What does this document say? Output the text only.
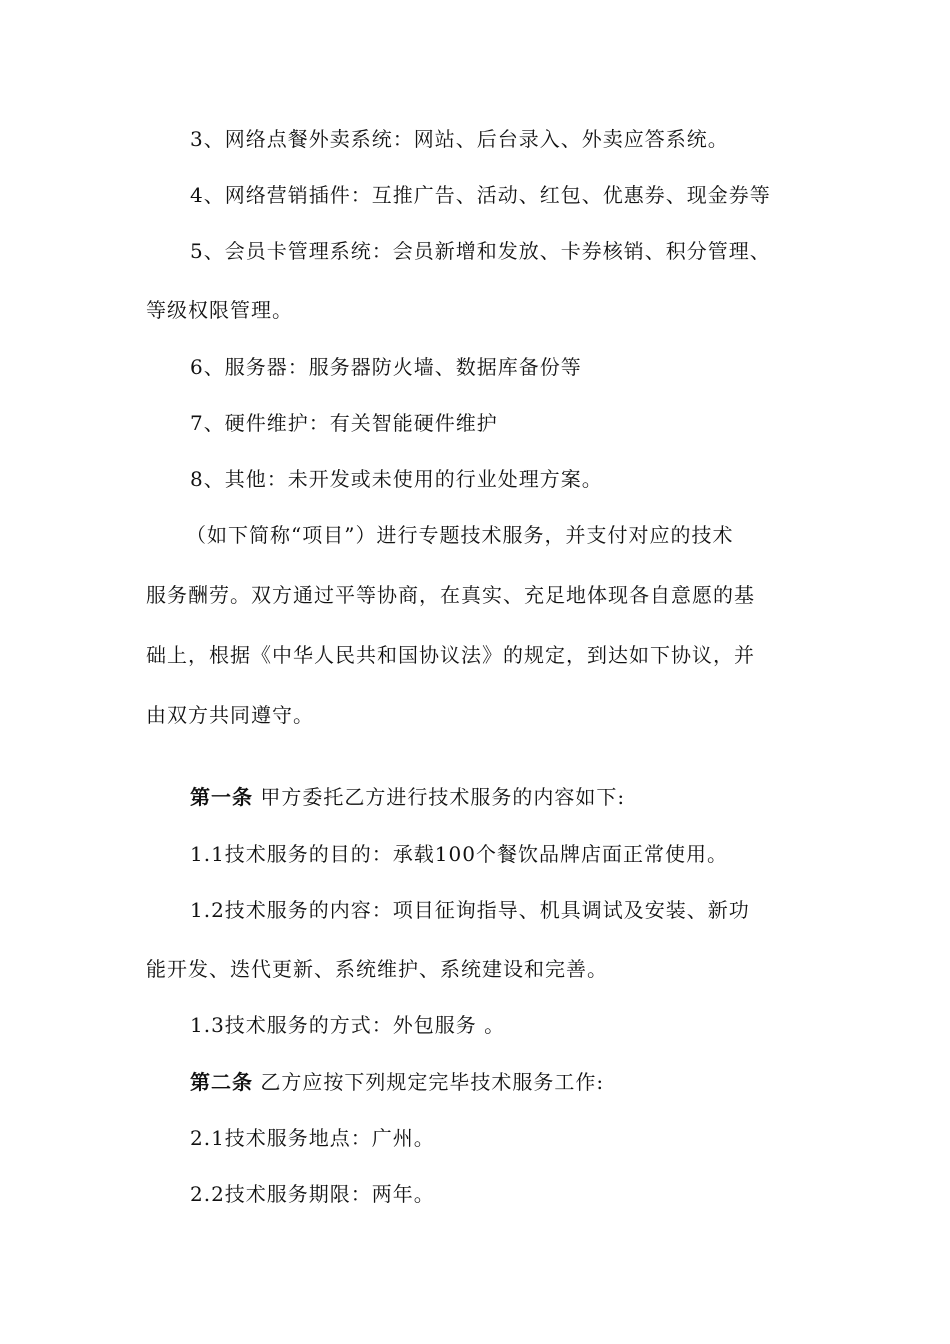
3、网络点餐外卖系统：网站、后台录入、外卖应答系统。
4、网络营销插件：互推广告、活动、红包、优惠券、现金券等
5、会员卡管理系统：会员新增和发放、卡券核销、积分管理、
等级权限管理。
6、服务器：服务器防火墙、数据库备份等
7、硬件维护：有关智能硬件维护
8、其他：未开发或未使用的行业处理方案。
（如下简称“项目”）进行专题技术服务，并支付对应的技术
服务酬劳。双方通过平等协商，在真实、充足地体现各自意愿的基
础上，根据《中华人民共和国协议法》的规定，到达如下协议，并
由双方共同遵守。
第一条 甲方委托乙方进行技术服务的内容如下:
1.1技术服务的目的：承载100个餐饮品牌店面正常使用。
1.2技术服务的内容：项目征询指导、机具调试及安装、新功
能开发、迭代更新、系统维护、系统建设和完善。
1.3技术服务的方式：外包服务 。
第二条 乙方应按下列规定完毕技术服务工作:
2.1技术服务地点：广州。
2.2技术服务期限：两年。
